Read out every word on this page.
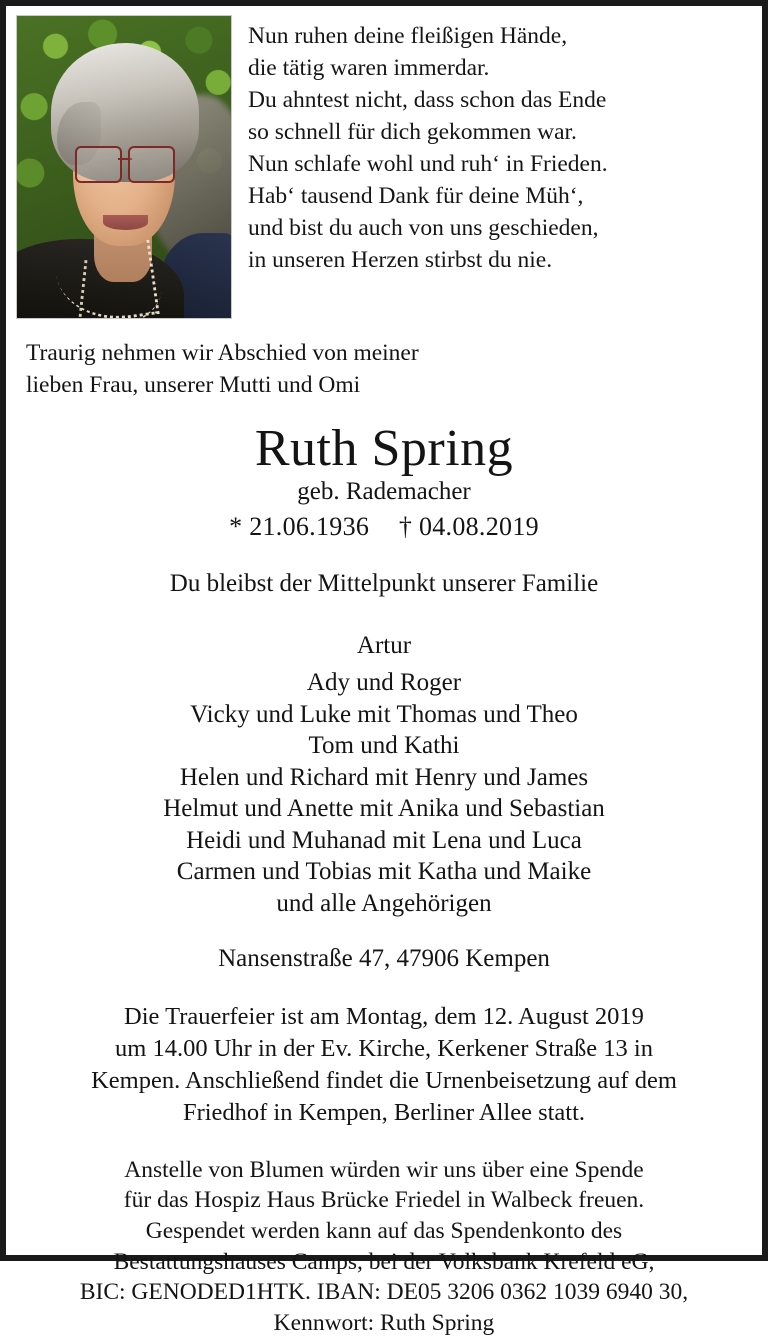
Nun ruhen deine fleißigen Hände,
die tätig waren immerdar.
Du ahntest nicht, dass schon das Ende
so schnell für dich gekommen war.
Nun schlafe wohl und ruh‘ in Frieden.
Hab‘ tausend Dank für deine Müh‘,
und bist du auch von uns geschieden,
in unseren Herzen stirbst du nie.
Traurig nehmen wir Abschied von meiner
lieben Frau, unserer Mutti und Omi
Ruth Spring
geb. Rademacher
* 21.06.1936 † 04.08.2019
Du bleibst der Mittelpunkt unserer Familie
Artur
Ady und Roger
Vicky und Luke mit Thomas und Theo
Tom und Kathi
Helen und Richard mit Henry und James
Helmut und Anette mit Anika und Sebastian
Heidi und Muhanad mit Lena und Luca
Carmen und Tobias mit Katha und Maike
und alle Angehörigen
Nansenstraße 47, 47906 Kempen
Die Trauerfeier ist am Montag, dem 12. August 2019
um 14.00 Uhr in der Ev. Kirche, Kerkener Straße 13 in
Kempen. Anschließend findet die Urnenbeisetzung auf dem
Friedhof in Kempen, Berliner Allee statt.
Anstelle von Blumen würden wir uns über eine Spende
für das Hospiz Haus Brücke Friedel in Walbeck freuen.
Gespendet werden kann auf das Spendenkonto des
Bestattungshauses Camps, bei der Volksbank Krefeld eG,
BIC: GENODED1HTK. IBAN: DE05 3206 0362 1039 6940 30,
Kennwort: Ruth Spring
